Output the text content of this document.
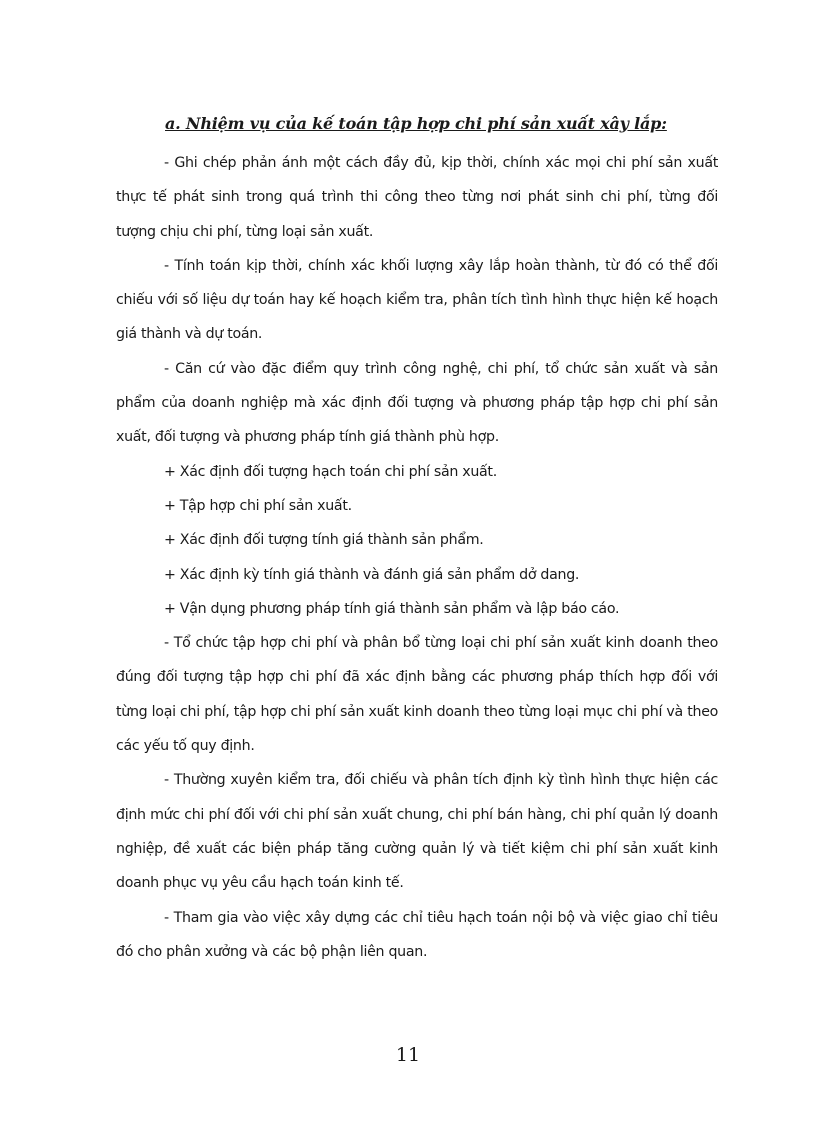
a. Nhiệm vụ của kế toán tập hợp chi phí sản xuất xây lắp:

- Ghi chép phản ánh một cách đầy đủ, kịp thời, chính xác mọi chi phí sản xuất thực tế phát sinh trong quá trình thi công theo từng nơi phát sinh chi phí, từng đối tượng chịu chi phí, từng loại sản xuất.

- Tính toán kịp thời, chính xác khối lượng xây lắp hoàn thành, từ đó có thể đối chiếu với số liệu dự toán hay kế hoạch kiểm tra, phân tích tình hình thực hiện kế hoạch giá thành và dự toán.

- Căn cứ vào đặc điểm quy trình công nghệ, chi phí, tổ chức sản xuất và sản phẩm của doanh nghiệp mà xác định đối tượng và phương pháp tập hợp chi phí sản xuất, đối tượng và phương pháp tính giá thành phù hợp.

+ Xác định đối tượng hạch toán chi phí sản xuất.

+ Tập hợp chi phí sản xuất.

+ Xác định đối tượng tính giá thành sản phẩm.

+ Xác định kỳ tính giá thành và đánh giá sản phẩm dở dang.

+ Vận dụng phương pháp tính giá thành sản phẩm và lập báo cáo.

- Tổ chức tập hợp chi phí và phân bổ từng loại chi phí sản xuất kinh doanh theo đúng đối tượng tập hợp chi phí đã xác định bằng các phương pháp thích hợp đối với từng loại chi phí, tập hợp chi phí sản xuất kinh doanh theo từng loại mục chi phí và theo các yếu tố quy định.

- Thường xuyên kiểm tra, đối chiếu và phân tích định kỳ tình hình thực hiện các định mức chi phí đối với chi phí sản xuất chung, chi phí bán hàng, chi phí quản lý doanh nghiệp, đề xuất các biện pháp tăng cường quản lý và tiết kiệm chi phí sản xuất kinh doanh phục vụ yêu cầu hạch toán kinh tế.

- Tham gia vào việc xây dựng các chỉ tiêu hạch toán nội bộ và việc giao chỉ tiêu đó cho phân xưởng và các bộ phận liên quan.

11
